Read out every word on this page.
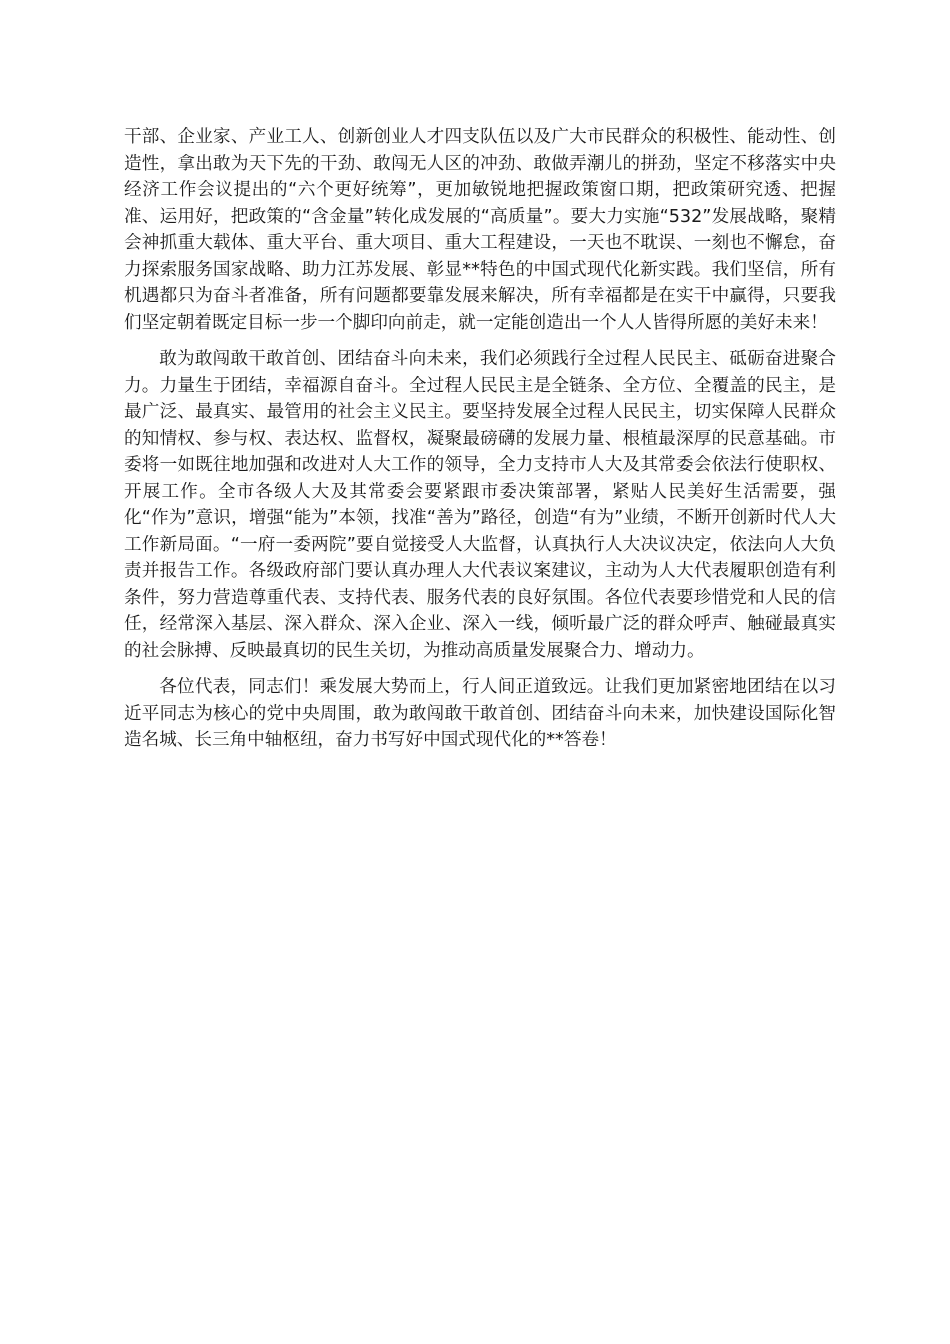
干部、企业家、产业工人、创新创业人才四支队伍以及广大市民群众的积极性、能动性、创造性，拿出敢为天下先的干劲、敢闯无人区的冲劲、敢做弄潮儿的拼劲，坚定不移落实中央经济工作会议提出的“六个更好统筹”，更加敏锐地把握政策窗口期，把政策研究透、把握准、运用好，把政策的“含金量”转化成发展的“高质量”。要大力实施“532”发展战略，聚精会神抓重大载体、重大平台、重大项目、重大工程建设，一天也不耽误、一刻也不懈怠，奋力探索服务国家战略、助力江苏发展、彰显**特色的中国式现代化新实践。我们坚信，所有机遇都只为奋斗者准备，所有问题都要靠发展来解决，所有幸福都是在实干中赢得，只要我们坚定朝着既定目标一步一个脚印向前走，就一定能创造出一个人人皆得所愿的美好未来！

敢为敢闯敢干敢首创、团结奋斗向未来，我们必须践行全过程人民民主、砥砺奋进聚合力。力量生于团结，幸福源自奋斗。全过程人民民主是全链条、全方位、全覆盖的民主，是最广泛、最真实、最管用的社会主义民主。要坚持发展全过程人民民主，切实保障人民群众的知情权、参与权、表达权、监督权，凝聚最磅礴的发展力量、根植最深厚的民意基础。市委将一如既往地加强和改进对人大工作的领导，全力支持市人大及其常委会依法行使职权、开展工作。全市各级人大及其常委会要紧跟市委决策部署，紧贴人民美好生活需要，强化“作为”意识，增强“能为”本领，找准“善为”路径，创造“有为”业绩，不断开创新时代人大工作新局面。“一府一委两院”要自觉接受人大监督，认真执行人大决议决定，依法向人大负责并报告工作。各级政府部门要认真办理人大代表议案建议，主动为人大代表履职创造有利条件，努力营造尊重代表、支持代表、服务代表的良好氛围。各位代表要珍惜党和人民的信任，经常深入基层、深入群众、深入企业、深入一线，倾听最广泛的群众呼声、触碰最真实的社会脉搏、反映最真切的民生关切，为推动高质量发展聚合力、增动力。

各位代表，同志们！乘发展大势而上，行人间正道致远。让我们更加紧密地团结在以习近平同志为核心的党中央周围，敢为敢闯敢干敢首创、团结奋斗向未来，加快建设国际化智造名城、长三角中轴枢纽，奋力书写好中国式现代化的**答卷！
